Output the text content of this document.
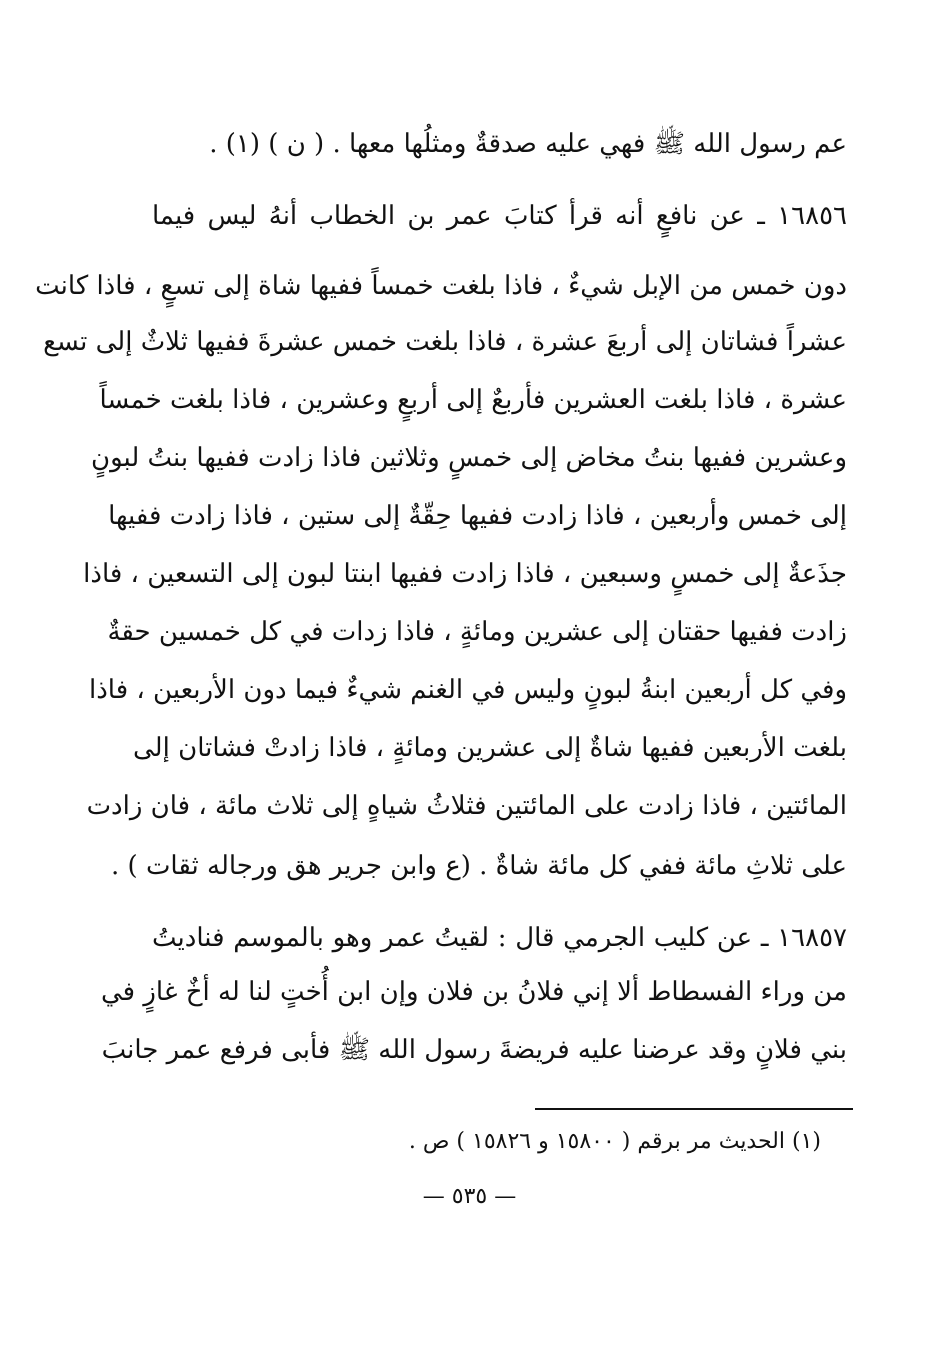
عم رسول الله ﷺ فهي عليه صدقةٌ ومثلُها معها . ( ن ) (١) .
١٦٨٥٦ ـ عن نافعٍ أنه قرأ كتابَ عمر بن الخطاب أنهُ ليس فيما
دون خمس من الإبل شيءٌ ، فاذا بلغت خمساً ففيها شاة إلى تسعٍ ، فاذا كانت
عشراً فشاتان إلى أربعَ عشرة ، فاذا بلغت خمس عشرةَ ففيها ثلاثٌ إلى تسع
عشرة ، فاذا بلغت العشرين فأربعٌ إلى أربعٍ وعشرين ، فاذا بلغت خمساً
وعشرين ففيها بنتُ مخاض إلى خمسٍ وثلاثين فاذا زادت ففيها بنتُ لبونٍ
إلى خمس وأربعين ، فاذا زادت ففيها حِقّةٌ إلى ستين ، فاذا زادت ففيها
جذَعةٌ إلى خمسٍ وسبعين ، فاذا زادت ففيها ابنتا لبون إلى التسعين ، فاذا
زادت ففيها حقتان إلى عشرين ومائةٍ ، فاذا زدات في كل خمسين حقةٌ
وفي كل أربعين ابنةُ لبونٍ وليس في الغنم شيءٌ فيما دون الأربعين ، فاذا
بلغت الأربعين ففيها شاةٌ إلى عشرين ومائةٍ ، فاذا زادتْ فشاتان إلى
المائتين ، فاذا زادت على المائتين فثلاثُ شياهٍ إلى ثلاث مائة ، فان زادت
على ثلاثِ مائة ففي كل مائة شاةٌ . (ع وابن جرير هق ورجاله ثقات ) .
١٦٨٥٧ ـ عن كليب الجرمي قال : لقيتُ عمر وهو بالموسم فناديتُ
من وراء الفسطاط ألا إني فلانُ بن فلان وإن ابن أُختٍ لنا له أخٌ غازٍ في
بني فلانٍ وقد عرضنا عليه فريضةَ رسول الله ﷺ فأبى فرفع عمر جانبَ
(١) الحديث مر برقم ( ١٥٨٠٠ و ١٥٨٢٦ ) ص .
— ٥٣٥ —
